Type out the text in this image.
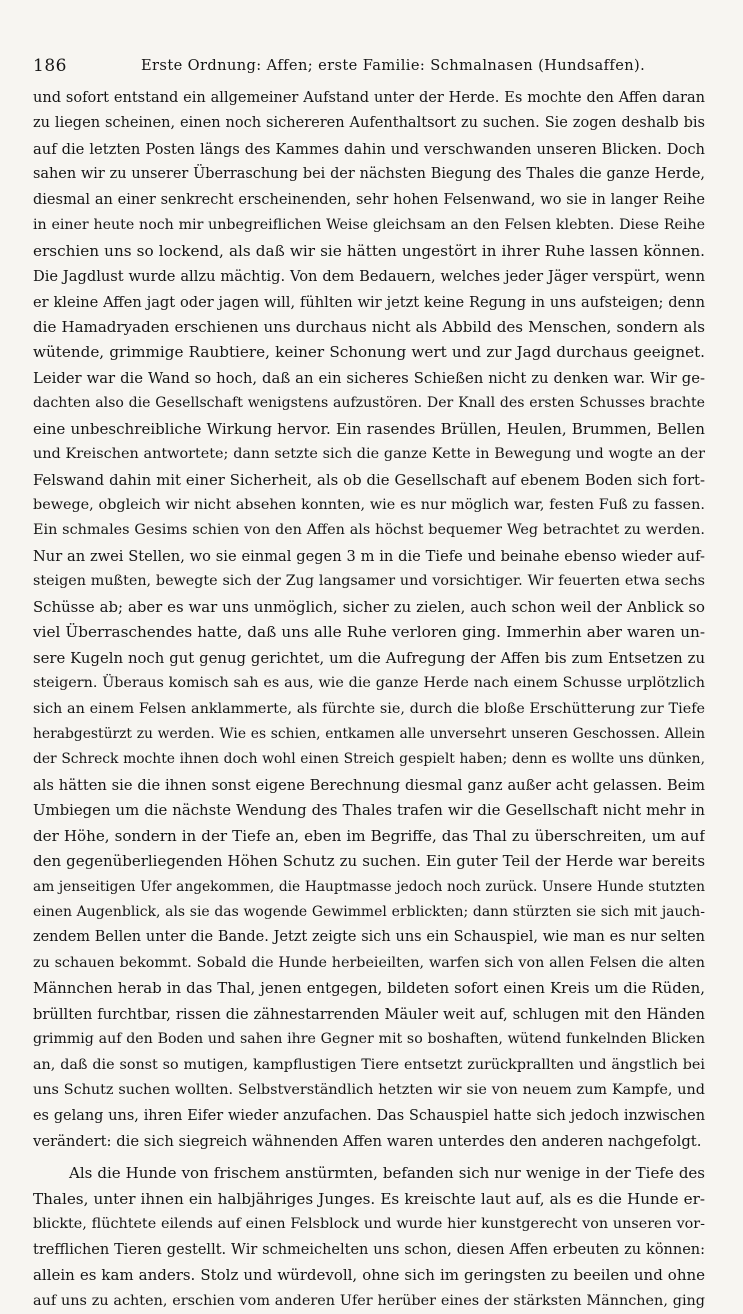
186	Erste Ordnung: Affen; erste Familie: Schmalnasen (Hundsaffen).
und sofort entstand ein allgemeiner Aufstand unter der Herde. Es mochte den Affen daran
zu liegen scheinen, einen noch sichereren Aufenthaltsort zu suchen. Sie zogen deshalb bis
auf die letzten Posten längs des Kammes dahin und verschwanden unseren Blicken. Doch
sahen wir zu unserer Überraschung bei der nächsten Biegung des Thales die ganze Herde,
diesmal an einer senkrecht erscheinenden, sehr hohen Felsenwand, wo sie in langer Reihe
in einer heute noch mir unbegreiflichen Weise gleichsam an den Felsen klebten. Diese Reihe
erschien uns so lockend, als daß wir sie hätten ungestört in ihrer Ruhe lassen können.
Die Jagdlust wurde allzu mächtig. Von dem Bedauern, welches jeder Jäger verspürt, wenn
er kleine Affen jagt oder jagen will, fühlten wir jetzt keine Regung in uns aufsteigen; denn
die Hamadryaden erschienen uns durchaus nicht als Abbild des Menschen, sondern als
wütende, grimmige Raubtiere, keiner Schonung wert und zur Jagd durchaus geeignet.
Leider war die Wand so hoch, daß an ein sicheres Schießen nicht zu denken war. Wir ge-
dachten also die Gesellschaft wenigstens aufzustören. Der Knall des ersten Schusses brachte
eine unbeschreibliche Wirkung hervor. Ein rasendes Brüllen, Heulen, Brummen, Bellen
und Kreischen antwortete; dann setzte sich die ganze Kette in Bewegung und wogte an der
Felswand dahin mit einer Sicherheit, als ob die Gesellschaft auf ebenem Boden sich fort-
bewege, obgleich wir nicht absehen konnten, wie es nur möglich war, festen Fuß zu fassen.
Ein schmales Gesims schien von den Affen als höchst bequemer Weg betrachtet zu werden.
Nur an zwei Stellen, wo sie einmal gegen 3 m in die Tiefe und beinahe ebenso wieder auf-
steigen mußten, bewegte sich der Zug langsamer und vorsichtiger. Wir feuerten etwa sechs
Schüsse ab; aber es war uns unmöglich, sicher zu zielen, auch schon weil der Anblick so
viel Überraschendes hatte, daß uns alle Ruhe verloren ging. Immerhin aber waren un-
sere Kugeln noch gut genug gerichtet, um die Aufregung der Affen bis zum Entsetzen zu
steigern. Überaus komisch sah es aus, wie die ganze Herde nach einem Schusse urplötzlich
sich an einem Felsen anklammerte, als fürchte sie, durch die bloße Erschütterung zur Tiefe
herabgestürzt zu werden. Wie es schien, entkamen alle unversehrt unseren Geschossen. Allein
der Schreck mochte ihnen doch wohl einen Streich gespielt haben; denn es wollte uns dünken,
als hätten sie die ihnen sonst eigene Berechnung diesmal ganz außer acht gelassen. Beim
Umbiegen um die nächste Wendung des Thales trafen wir die Gesellschaft nicht mehr in
der Höhe, sondern in der Tiefe an, eben im Begriffe, das Thal zu überschreiten, um auf
den gegenüberliegenden Höhen Schutz zu suchen. Ein guter Teil der Herde war bereits
am jenseitigen Ufer angekommen, die Hauptmasse jedoch noch zurück. Unsere Hunde stutzten
einen Augenblick, als sie das wogende Gewimmel erblickten; dann stürzten sie sich mit jauch-
zendem Bellen unter die Bande. Jetzt zeigte sich uns ein Schauspiel, wie man es nur selten
zu schauen bekommt. Sobald die Hunde herbeieilten, warfen sich von allen Felsen die alten
Männchen herab in das Thal, jenen entgegen, bildeten sofort einen Kreis um die Rüden,
brüllten furchtbar, rissen die zähnestarrenden Mäuler weit auf, schlugen mit den Händen
grimmig auf den Boden und sahen ihre Gegner mit so boshaften, wütend funkelnden Blicken
an, daß die sonst so mutigen, kampflustigen Tiere entsetzt zurückprallten und ängstlich bei
uns Schutz suchen wollten. Selbstverständlich hetzten wir sie von neuem zum Kampfe, und
es gelang uns, ihren Eifer wieder anzufachen. Das Schauspiel hatte sich jedoch inzwischen
verändert: die sich siegreich wähnenden Affen waren unterdes den anderen nachgefolgt.
Als die Hunde von frischem anstürmten, befanden sich nur wenige in der Tiefe des
Thales, unter ihnen ein halbjähriges Junges. Es kreischte laut auf, als es die Hunde er-
blickte, flüchtete eilends auf einen Felsblock und wurde hier kunstgerecht von unseren vor-
trefflichen Tieren gestellt. Wir schmeichelten uns schon, diesen Affen erbeuten zu können:
allein es kam anders. Stolz und würdevoll, ohne sich im geringsten zu beeilen und ohne
auf uns zu achten, erschien vom anderen Ufer herüber eines der stärksten Männchen, ging
